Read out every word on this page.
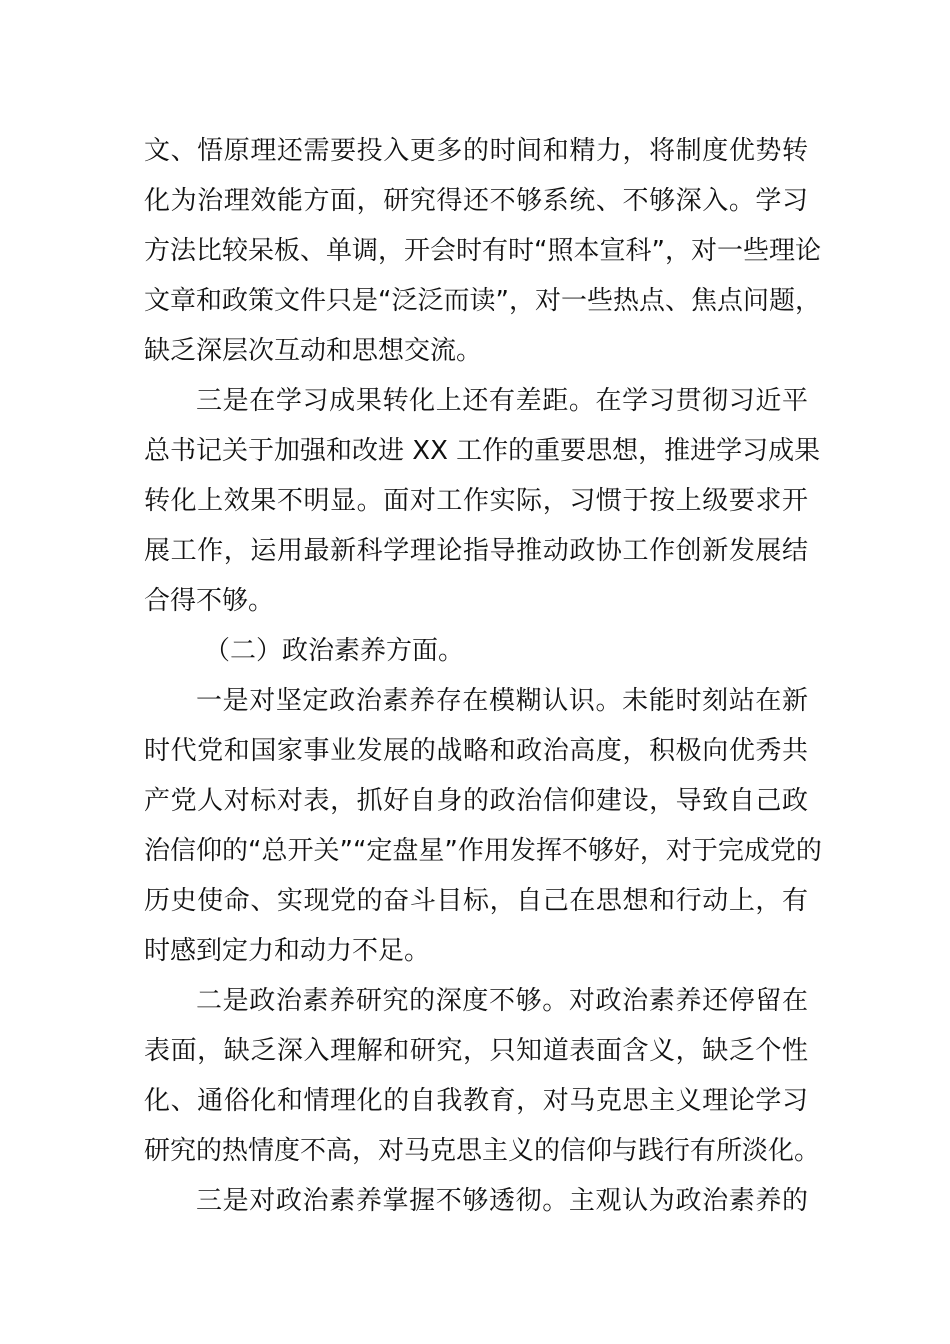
文、悟原理还需要投入更多的时间和精力，将制度优势转
化为治理效能方面，研究得还不够系统、不够深入。学习
方法比较呆板、单调，开会时有时“照本宣科”，对一些理论
文章和政策文件只是“泛泛而读”，对一些热点、焦点问题，
缺乏深层次互动和思想交流。
三是在学习成果转化上还有差距。在学习贯彻习近平
总书记关于加强和改进 XX 工作的重要思想，推进学习成果
转化上效果不明显。面对工作实际，习惯于按上级要求开
展工作，运用最新科学理论指导推动政协工作创新发展结
合得不够。
（二）政治素养方面。
一是对坚定政治素养存在模糊认识。未能时刻站在新
时代党和国家事业发展的战略和政治高度，积极向优秀共
产党人对标对表，抓好自身的政治信仰建设，导致自己政
治信仰的“总开关”“定盘星”作用发挥不够好，对于完成党的
历史使命、实现党的奋斗目标，自己在思想和行动上，有
时感到定力和动力不足。
二是政治素养研究的深度不够。对政治素养还停留在
表面，缺乏深入理解和研究，只知道表面含义，缺乏个性
化、通俗化和情理化的自我教育，对马克思主义理论学习
研究的热情度不高，对马克思主义的信仰与践行有所淡化。
三是对政治素养掌握不够透彻。主观认为政治素养的
